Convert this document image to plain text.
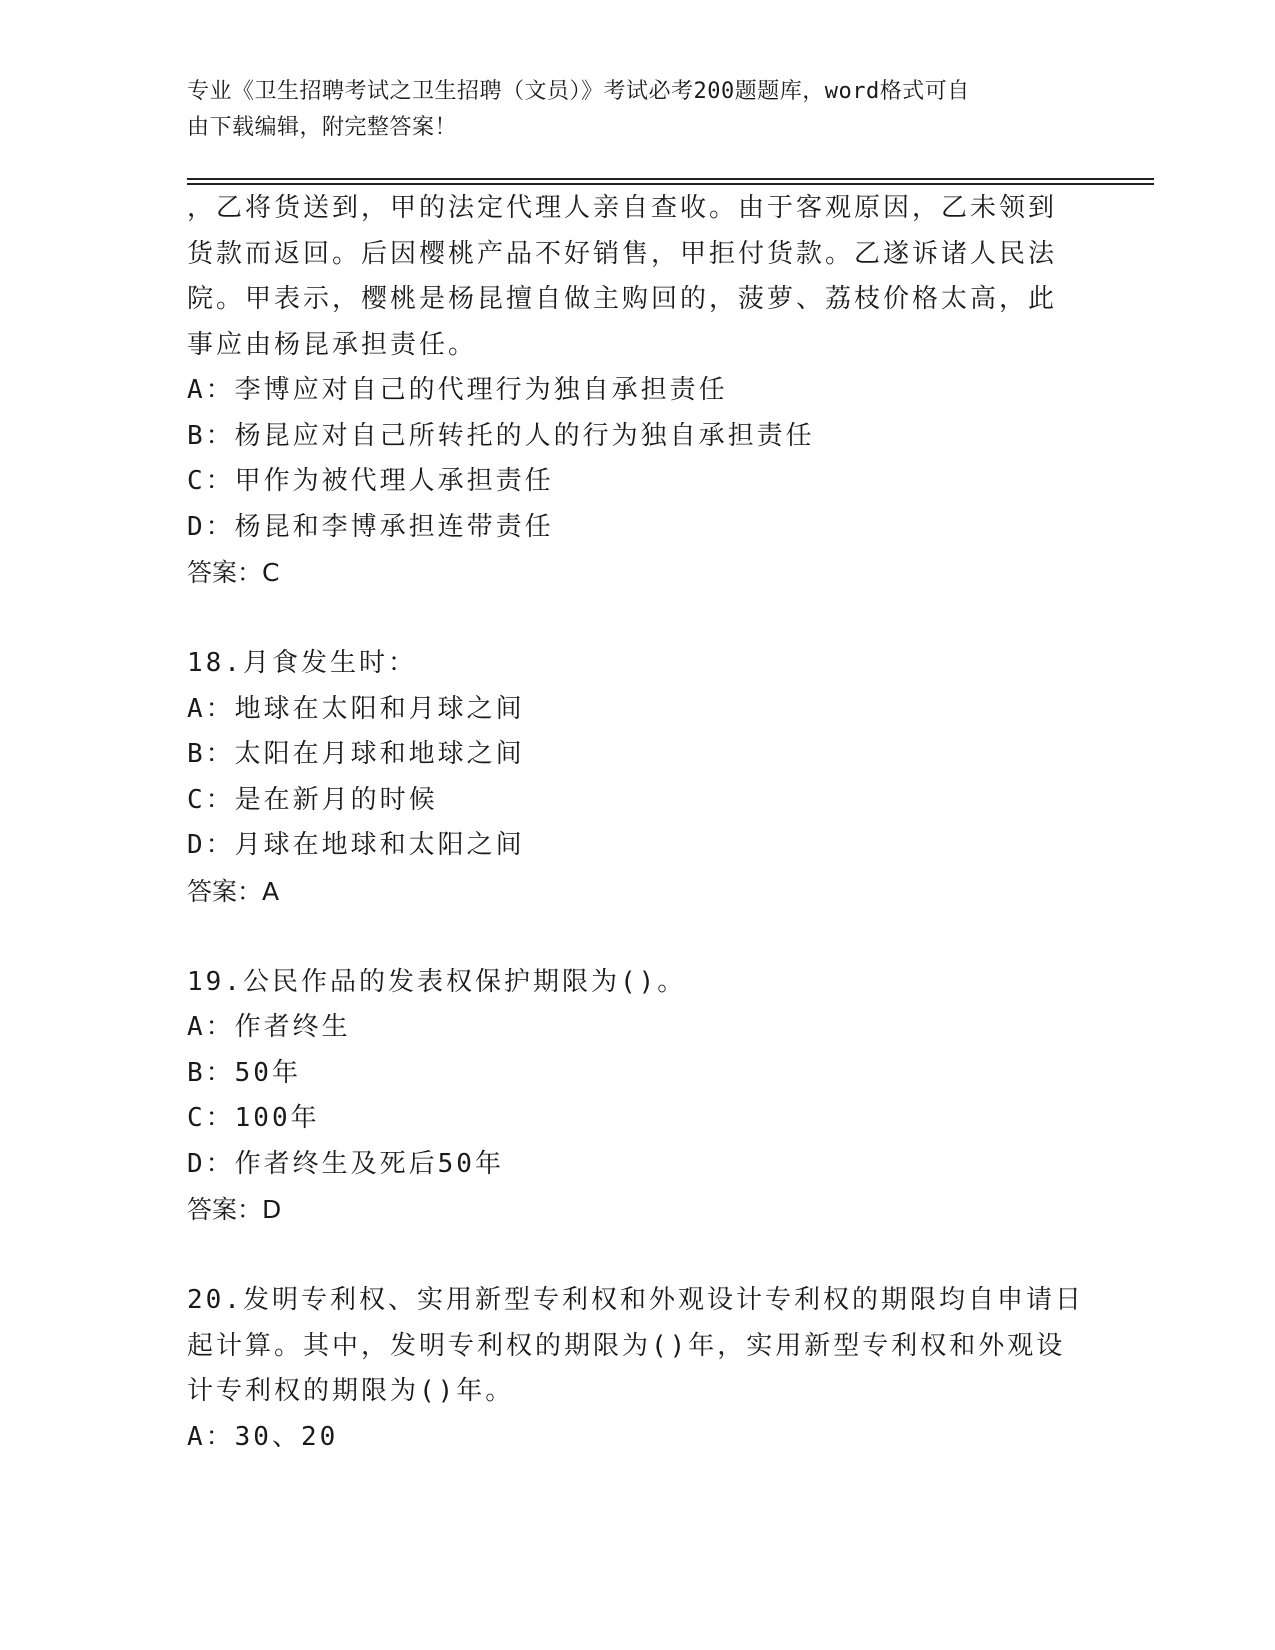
专业《卫生招聘考试之卫生招聘（文员）》考试必考200题题库，word格式可自
由下载编辑，附完整答案！

，乙将货送到，甲的法定代理人亲自查收。由于客观原因，乙未领到

货款而返回。后因樱桃产品不好销售，甲拒付货款。乙遂诉诸人民法

院。甲表示，樱桃是杨昆擅自做主购回的，菠萝、荔枝价格太高，此

事应由杨昆承担责任。

A：李博应对自己的代理行为独自承担责任

B：杨昆应对自己所转托的人的行为独自承担责任

C：甲作为被代理人承担责任

D：杨昆和李博承担连带责任

答案：C

18.月食发生时：

A：地球在太阳和月球之间

B：太阳在月球和地球之间

C：是在新月的时候

D：月球在地球和太阳之间

答案：A

19.公民作品的发表权保护期限为()。

A：作者终生

B：50年

C：100年

D：作者终生及死后50年

答案：D

20.发明专利权、实用新型专利权和外观设计专利权的期限均自申请日

起计算。其中，发明专利权的期限为()年，实用新型专利权和外观设

计专利权的期限为()年。

A：30、20
